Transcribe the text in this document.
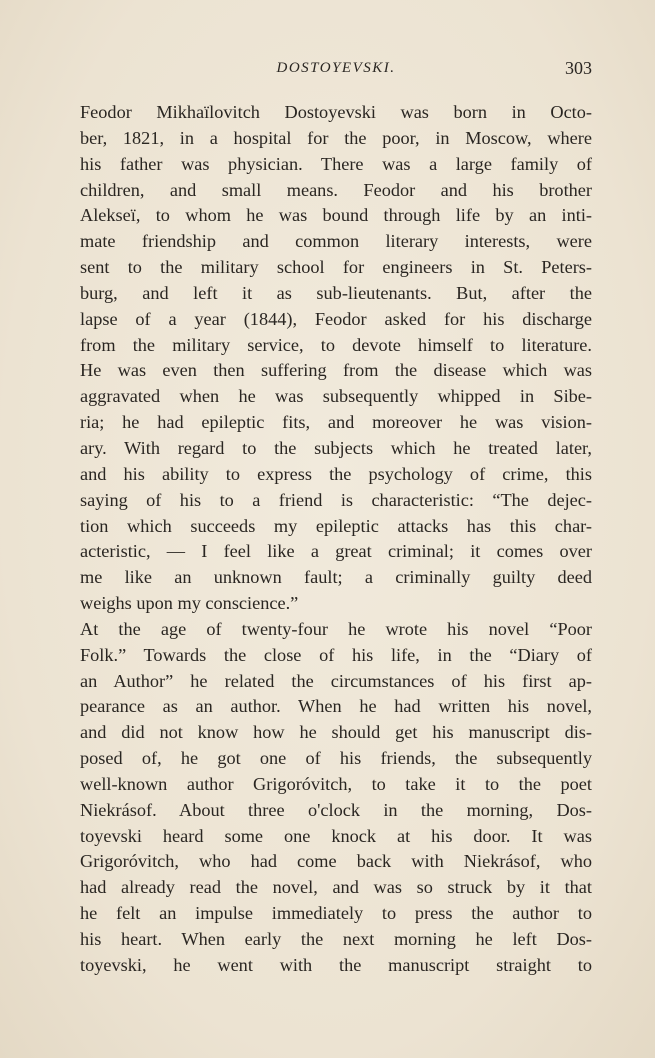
DOSTOYEVSKI.	303
Feodor Mikhaïlovitch Dostoyevski was born in Octo-
ber, 1821, in a hospital for the poor, in Moscow, where
his father was physician. There was a large family of
children, and small means. Feodor and his brother
Alekseï, to whom he was bound through life by an inti-
mate friendship and common literary interests, were
sent to the military school for engineers in St. Peters-
burg, and left it as sub-lieutenants. But, after the
lapse of a year (1844), Feodor asked for his discharge
from the military service, to devote himself to literature.
He was even then suffering from the disease which was
aggravated when he was subsequently whipped in Sibe-
ria; he had epileptic fits, and moreover he was vision-
ary. With regard to the subjects which he treated later,
and his ability to express the psychology of crime, this
saying of his to a friend is characteristic: “The dejec-
tion which succeeds my epileptic attacks has this char-
acteristic, — I feel like a great criminal; it comes over
me like an unknown fault; a criminally guilty deed
weighs upon my conscience.”
At the age of twenty-four he wrote his novel “Poor
Folk.” Towards the close of his life, in the “Diary of
an Author” he related the circumstances of his first ap-
pearance as an author. When he had written his novel,
and did not know how he should get his manuscript dis-
posed of, he got one of his friends, the subsequently
well-known author Grigoróvitch, to take it to the poet
Niekrásof. About three o'clock in the morning, Dos-
toyevski heard some one knock at his door. It was
Grigoróvitch, who had come back with Niekrásof, who
had already read the novel, and was so struck by it that
he felt an impulse immediately to press the author to
his heart. When early the next morning he left Dos-
toyevski, he went with the manuscript straight to
